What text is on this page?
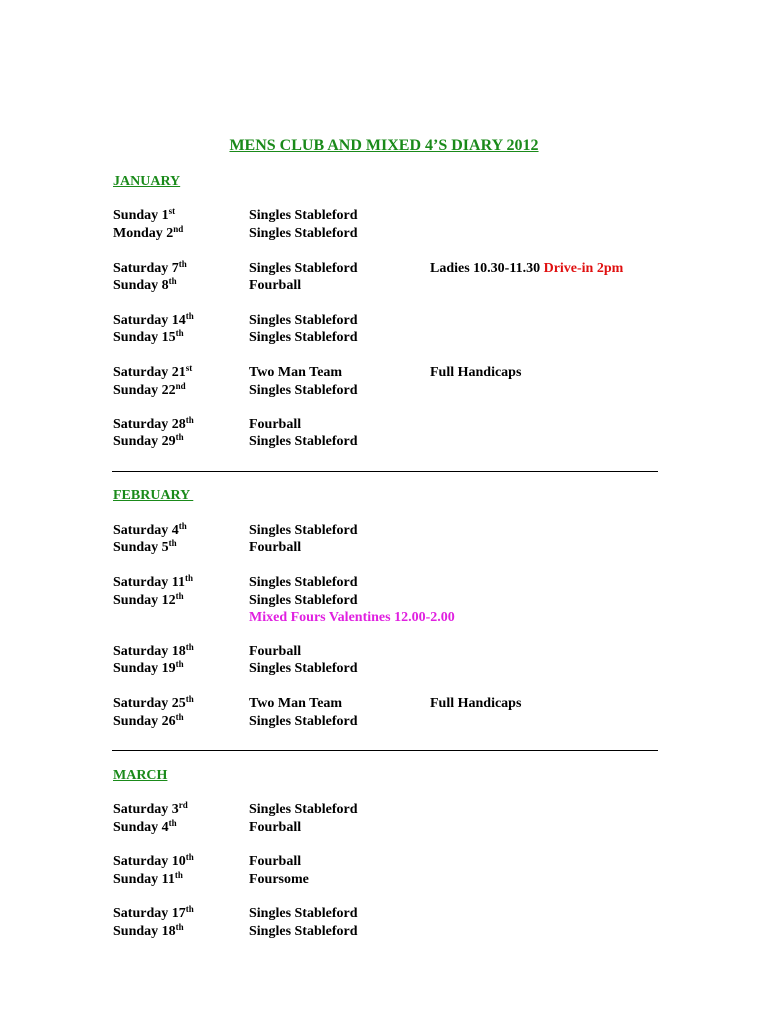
MENS CLUB AND MIXED 4’S DIARY 2012
JANUARY
Sunday 1st	Singles Stableford
Monday 2nd	Singles Stableford
Saturday 7th	Singles Stableford	Ladies 10.30-11.30 Drive-in 2pm
Sunday 8th	Fourball
Saturday 14th	Singles Stableford
Sunday 15th	Singles Stableford
Saturday 21st	Two Man Team	Full Handicaps
Sunday 22nd	Singles Stableford
Saturday 28th	Fourball
Sunday 29th	Singles Stableford
FEBRUARY
Saturday 4th	Singles Stableford
Sunday 5th	Fourball
Saturday 11th	Singles Stableford
Sunday 12th	Singles Stableford
Mixed Fours Valentines 12.00-2.00
Saturday 18th	Fourball
Sunday 19th	Singles Stableford
Saturday 25th	Two Man Team	Full Handicaps
Sunday 26th	Singles Stableford
MARCH
Saturday 3rd	Singles Stableford
Sunday 4th	Fourball
Saturday 10th	Fourball
Sunday 11th	Foursome
Saturday 17th	Singles Stableford
Sunday 18th	Singles Stableford
